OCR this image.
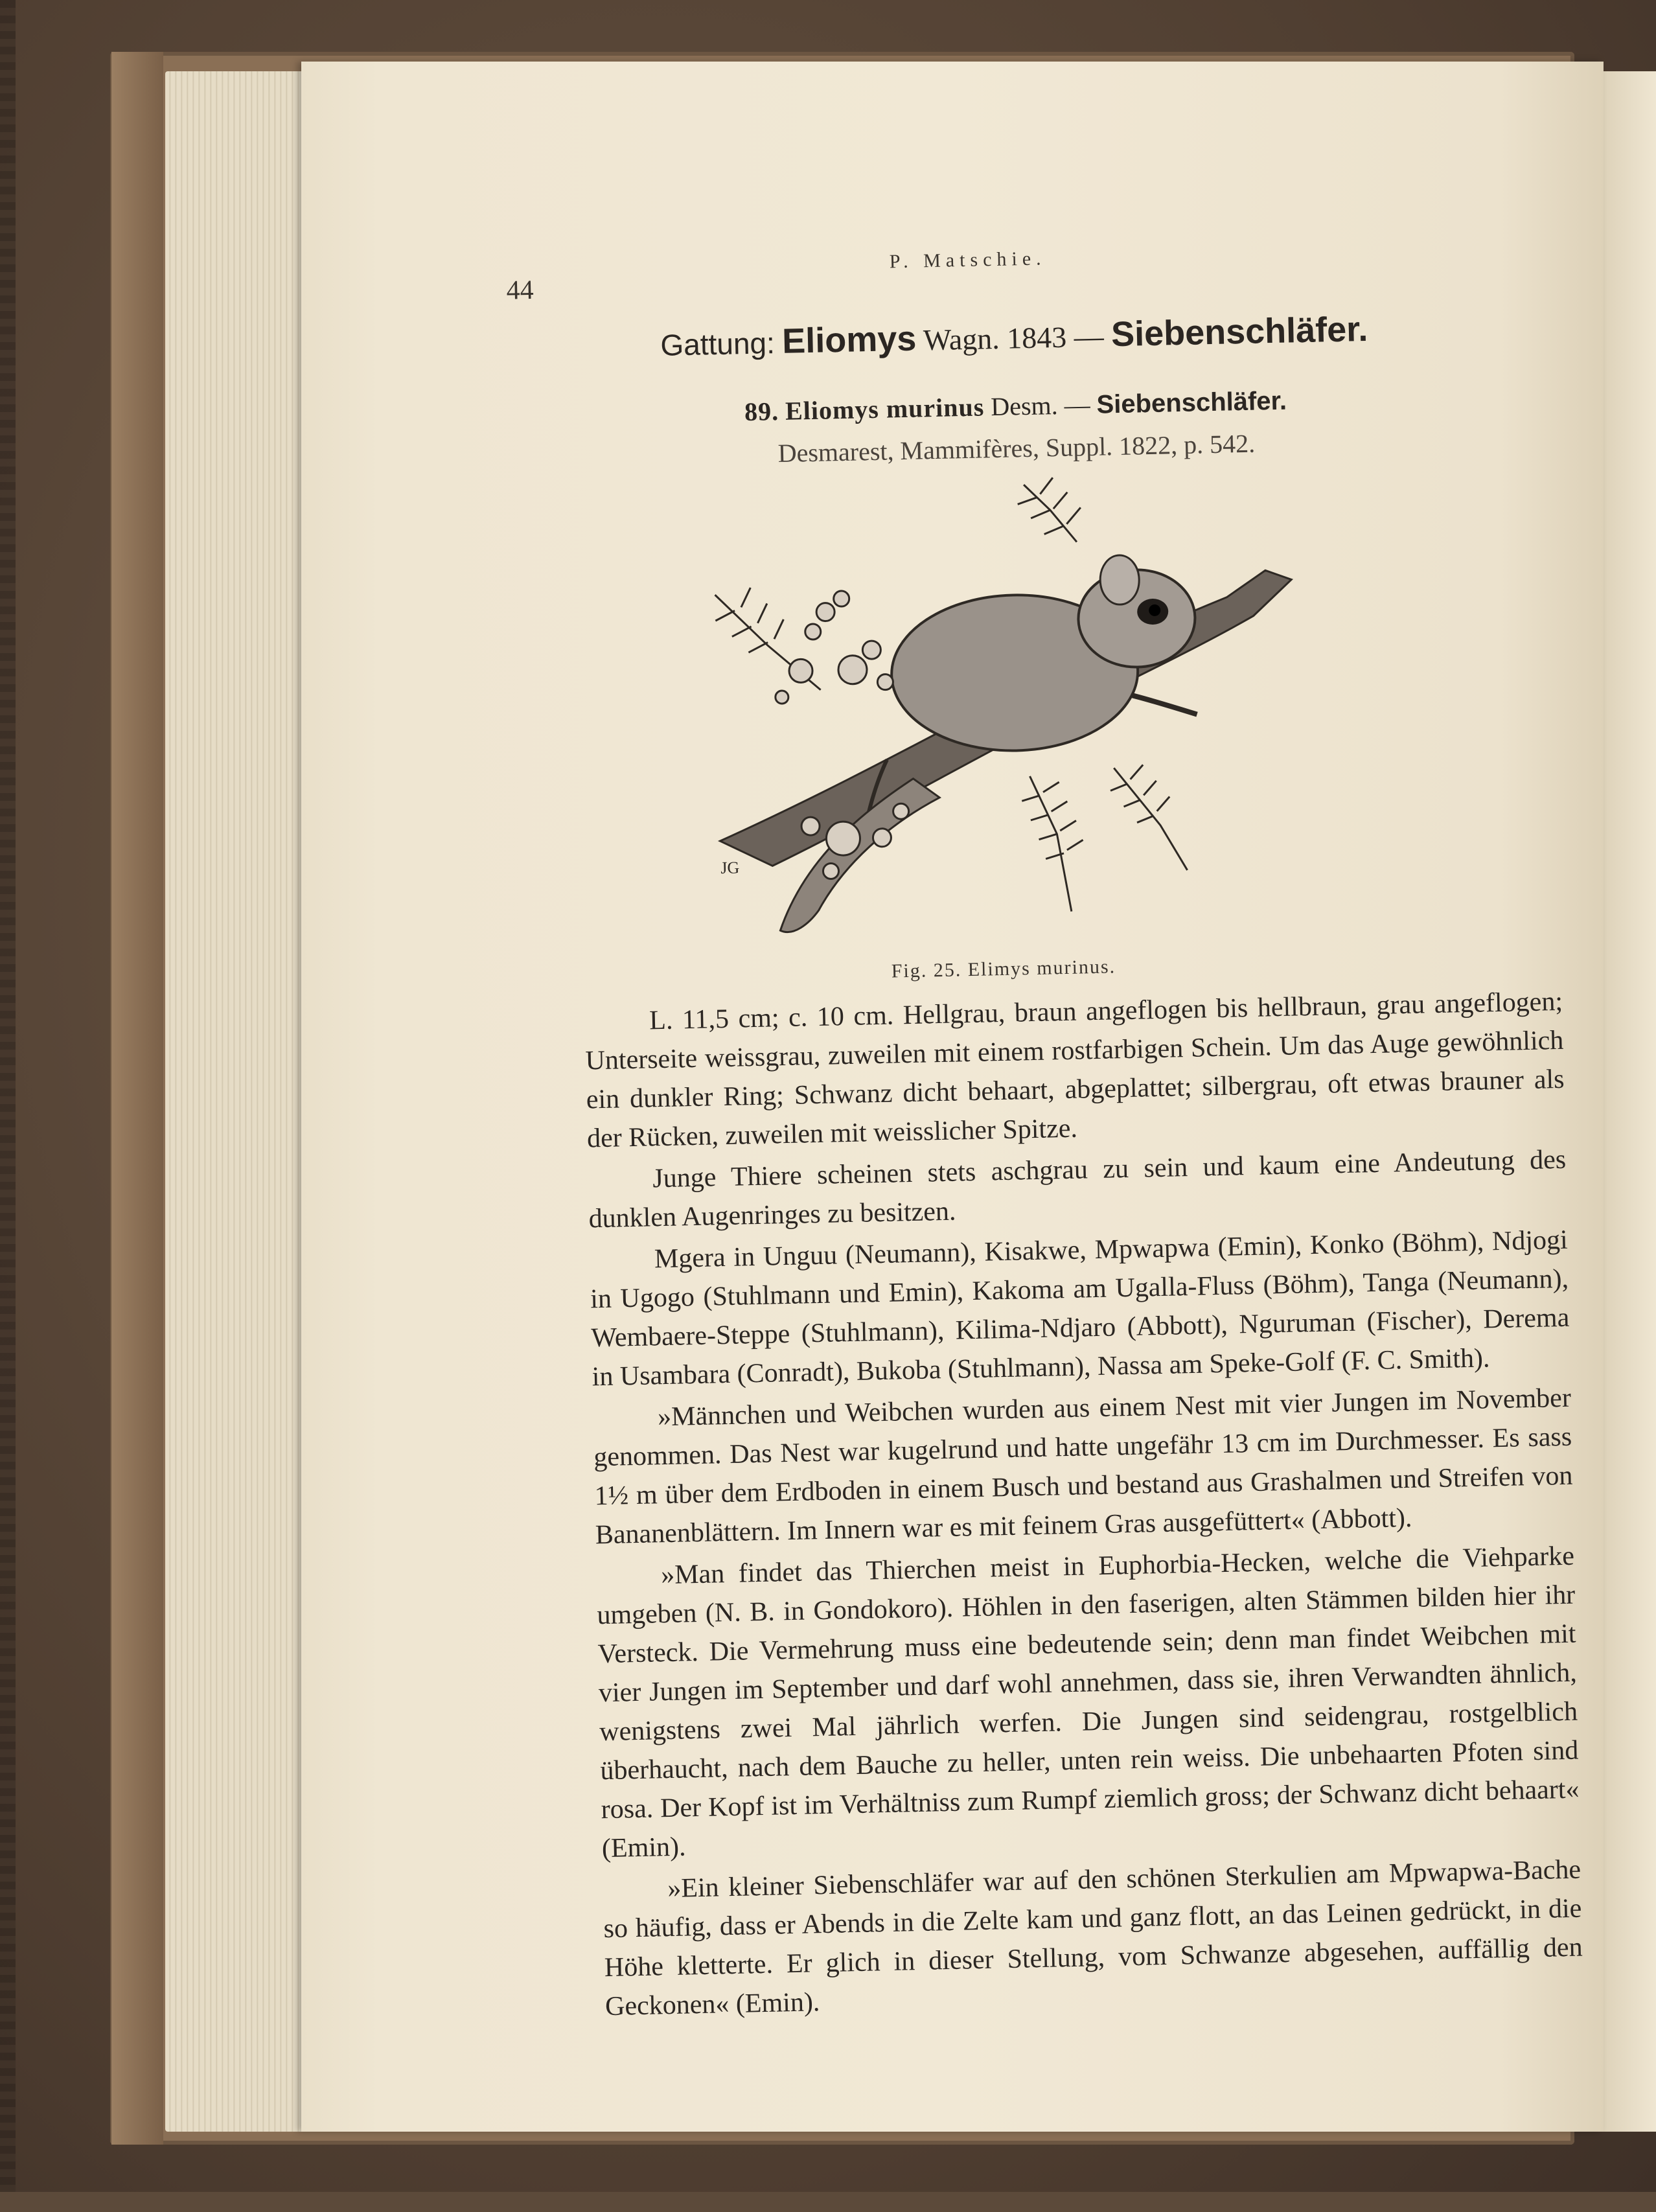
44
P. Matschie.
Gattung: Eliomys Wagn. 1843 — Siebenschläfer.
89. Eliomys murinus Desm. — Siebenschläfer.
Desmarest, Mammifères, Suppl. 1822, p. 542.
JG
Fig. 25. Elimys murinus.

L. 11,5 cm; c. 10 cm. Hellgrau, braun angeflogen bis hellbraun, grau angeflogen; Unterseite weissgrau, zuweilen mit einem rostfarbigen Schein. Um das Auge gewöhnlich ein dunkler Ring; Schwanz dicht behaart, abgeplattet; silbergrau, oft etwas brauner als der Rücken, zuweilen mit weisslicher Spitze.

Junge Thiere scheinen stets aschgrau zu sein und kaum eine Andeutung des dunklen Augenringes zu besitzen.

Mgera in Unguu (Neumann), Kisakwe, Mpwapwa (Emin), Konko (Böhm), Ndjogi in Ugogo (Stuhlmann und Emin), Kakoma am Ugalla-Fluss (Böhm), Tanga (Neumann), Wembaere-Steppe (Stuhlmann), Kilima-Ndjaro (Abbott), Nguruman (Fischer), Derema in Usambara (Conradt), Bukoba (Stuhlmann), Nassa am Speke-Golf (F. C. Smith).

»Männchen und Weibchen wurden aus einem Nest mit vier Jungen im November genommen. Das Nest war kugelrund und hatte ungefähr 13 cm im Durchmesser. Es sass 1½ m über dem Erdboden in einem Busch und bestand aus Grashalmen und Streifen von Bananenblättern. Im Innern war es mit feinem Gras ausgefüttert« (Abbott).

»Man findet das Thierchen meist in Euphorbia-Hecken, welche die Viehparke umgeben (N. B. in Gondokoro). Höhlen in den faserigen, alten Stämmen bilden hier ihr Versteck. Die Vermehrung muss eine bedeutende sein; denn man findet Weibchen mit vier Jungen im September und darf wohl annehmen, dass sie, ihren Verwandten ähnlich, wenigstens zwei Mal jährlich werfen. Die Jungen sind seidengrau, rostgelblich überhaucht, nach dem Bauche zu heller, unten rein weiss. Die unbehaarten Pfoten sind rosa. Der Kopf ist im Verhältniss zum Rumpf ziemlich gross; der Schwanz dicht behaart« (Emin).

»Ein kleiner Siebenschläfer war auf den schönen Sterkulien am Mpwapwa-Bache so häufig, dass er Abends in die Zelte kam und ganz flott, an das Leinen gedrückt, in die Höhe kletterte. Er glich in dieser Stellung, vom Schwanze abgesehen, auffällig den Geckonen« (Emin).
